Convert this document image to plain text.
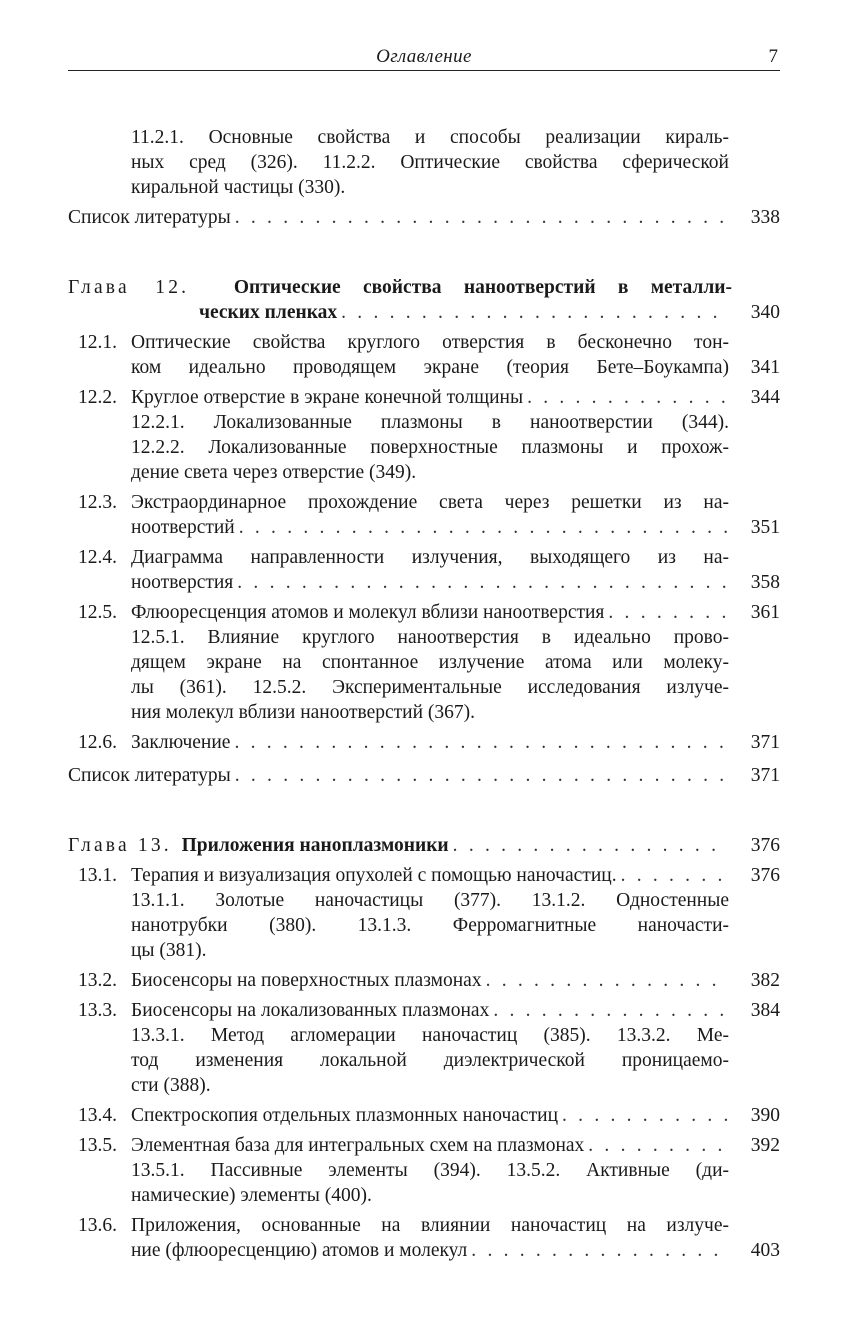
Оглавление	7
11.2.1. Основные свойства и способы реализации кираль-
ных сред (326). 11.2.2. Оптические свойства сферической
киральной частицы (330).
Список литературы . . .	338
Глава 12. Оптические свойства наноотверстий в металли-
ческих пленках . . .	340
12.1. Оптические свойства круглого отверстия в бесконечно тон-
ком идеально проводящем экране (теория Бете–Боукампа) 341
12.2. Круглое отверстие в экране конечной толщины . . .	344
12.2.1. Локализованные плазмоны в наноотверстии (344).
12.2.2. Локализованные поверхностные плазмоны и прохож-
дение света через отверстие (349).
12.3. Экстраординарное прохождение света через решетки из на-
ноотверстий . . .	351
12.4. Диаграмма направленности излучения, выходящего из на-
ноотверстия . . .	358
12.5. Флюоресценция атомов и молекул вблизи наноотверстия . . .	361
12.5.1. Влияние круглого наноотверстия в идеально прово-
дящем экране на спонтанное излучение атома или молеку-
лы (361). 12.5.2. Экспериментальные исследования излуче-
ния молекул вблизи наноотверстий (367).
12.6. Заключение . . .	371
Список литературы . . .	371
Глава 13. Приложения наноплазмоники . . .	376
13.1. Терапия и визуализация опухолей с помощью наночастиц. . . .	376
13.1.1. Золотые наночастицы (377). 13.1.2. Одностенные
нанотрубки (380). 13.1.3. Ферромагнитные наночасти-
цы (381).
13.2. Биосенсоры на поверхностных плазмонах . . .	382
13.3. Биосенсоры на локализованных плазмонах . . .	384
13.3.1. Метод агломерации наночастиц (385). 13.3.2. Ме-
тод изменения локальной диэлектрической проницаемо-
сти (388).
13.4. Спектроскопия отдельных плазмонных наночастиц . . .	390
13.5. Элементная база для интегральных схем на плазмонах . . .	392
13.5.1. Пассивные элементы (394). 13.5.2. Активные (ди-
намические) элементы (400).
13.6. Приложения, основанные на влиянии наночастиц на излуче-
ние (флюоресценцию) атомов и молекул . . .	403
